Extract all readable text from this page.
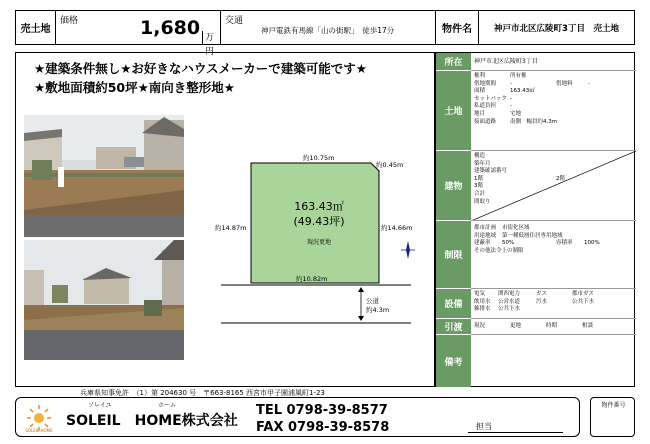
売土地
価格	1,680 万円
交通
神戸電鉄有馬線「山の街駅」　徒歩17分	物件名	神戸市北区広陵町3丁目　売土地
★建築条件無し★お好きなハウスメーカーで建築可能です★
★敷地面積約50坪★南向き整形地★
約10.75m
約0.45m
約14.87m	約14.66m
約10.82m
163.43㎡
(49.43坪)
現況更地
公道
約4.3m
所在	神戸市北区広陵町3丁目
土地
権利	所有権
借地期間	-	借地料	-
面積	163.43㎡
セットバック -
私道負担	-
地目	宅地
接面道路	南側　幅員約4.3m
建物
構造
築年月
建築確認番号
1階	2階
3階
合計
間取り
制限
都市計画	市街化区域
用途地域	第一種低層住居専用地域
建蔽率	50%	容積率	100%
その他法令上の制限
設備
電気	関西電力	ガス	都市ガス
飲用水	公営水道	汚水	公共下水
雑排水	公共下水
引渡	現況	更地	時期	相談
備考
兵庫県知事免許　（1）第 204630 号　〒663-8165 西宮市甲子園浦風町1-23
SOLEIL HOME
ソレイユ	ホーム
SOLEIL　HOME株式会社
TEL 0798-39-8577
FAX 0798-39-8578	担当
物件番号
